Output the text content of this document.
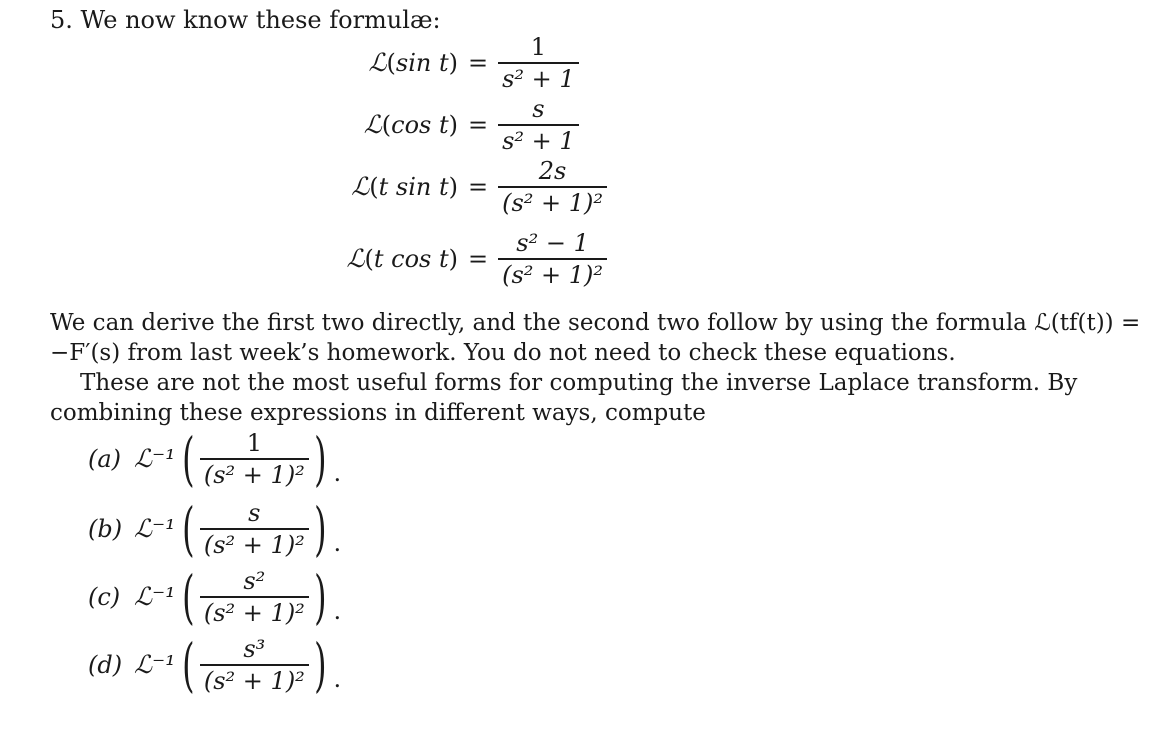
5. We now know these formulæ:
ℒ(sin $t) = \frac{1}{\text{s² + 1}}$
ℒ(cos $t) = \frac{s}{\text{s² + 1}}$
ℒ(t $\sin t) = \frac{2s}{\text{(s² + 1)²}}$
ℒ(t $\cos t) = \frac{\text{s² − 1}}{\text{(s² + 1)²}}$
We can derive the first two directly, and the second two follow by using the formula ℒ(tf(t)) =
−F′(s) from last week’s homework. You do not need to check these equations.
These are not the most useful forms for computing the inverse Laplace transform. By
combining these expressions in different ways, compute
(a) ℒ⁻¹ ( $\frac{1}{\text{(s² + 1)²}}$ ) .
(b) ℒ⁻¹ ( $\frac{s}{\text{(s² + 1)²}}$ ) .
(c) ℒ⁻¹ ( $\frac{\text{s²}}{\text{(s² + 1)²}}$ ) .
(d) ℒ⁻¹ ( $\frac{\text{s³}}{\text{(s² + 1)²}}$ ) .
